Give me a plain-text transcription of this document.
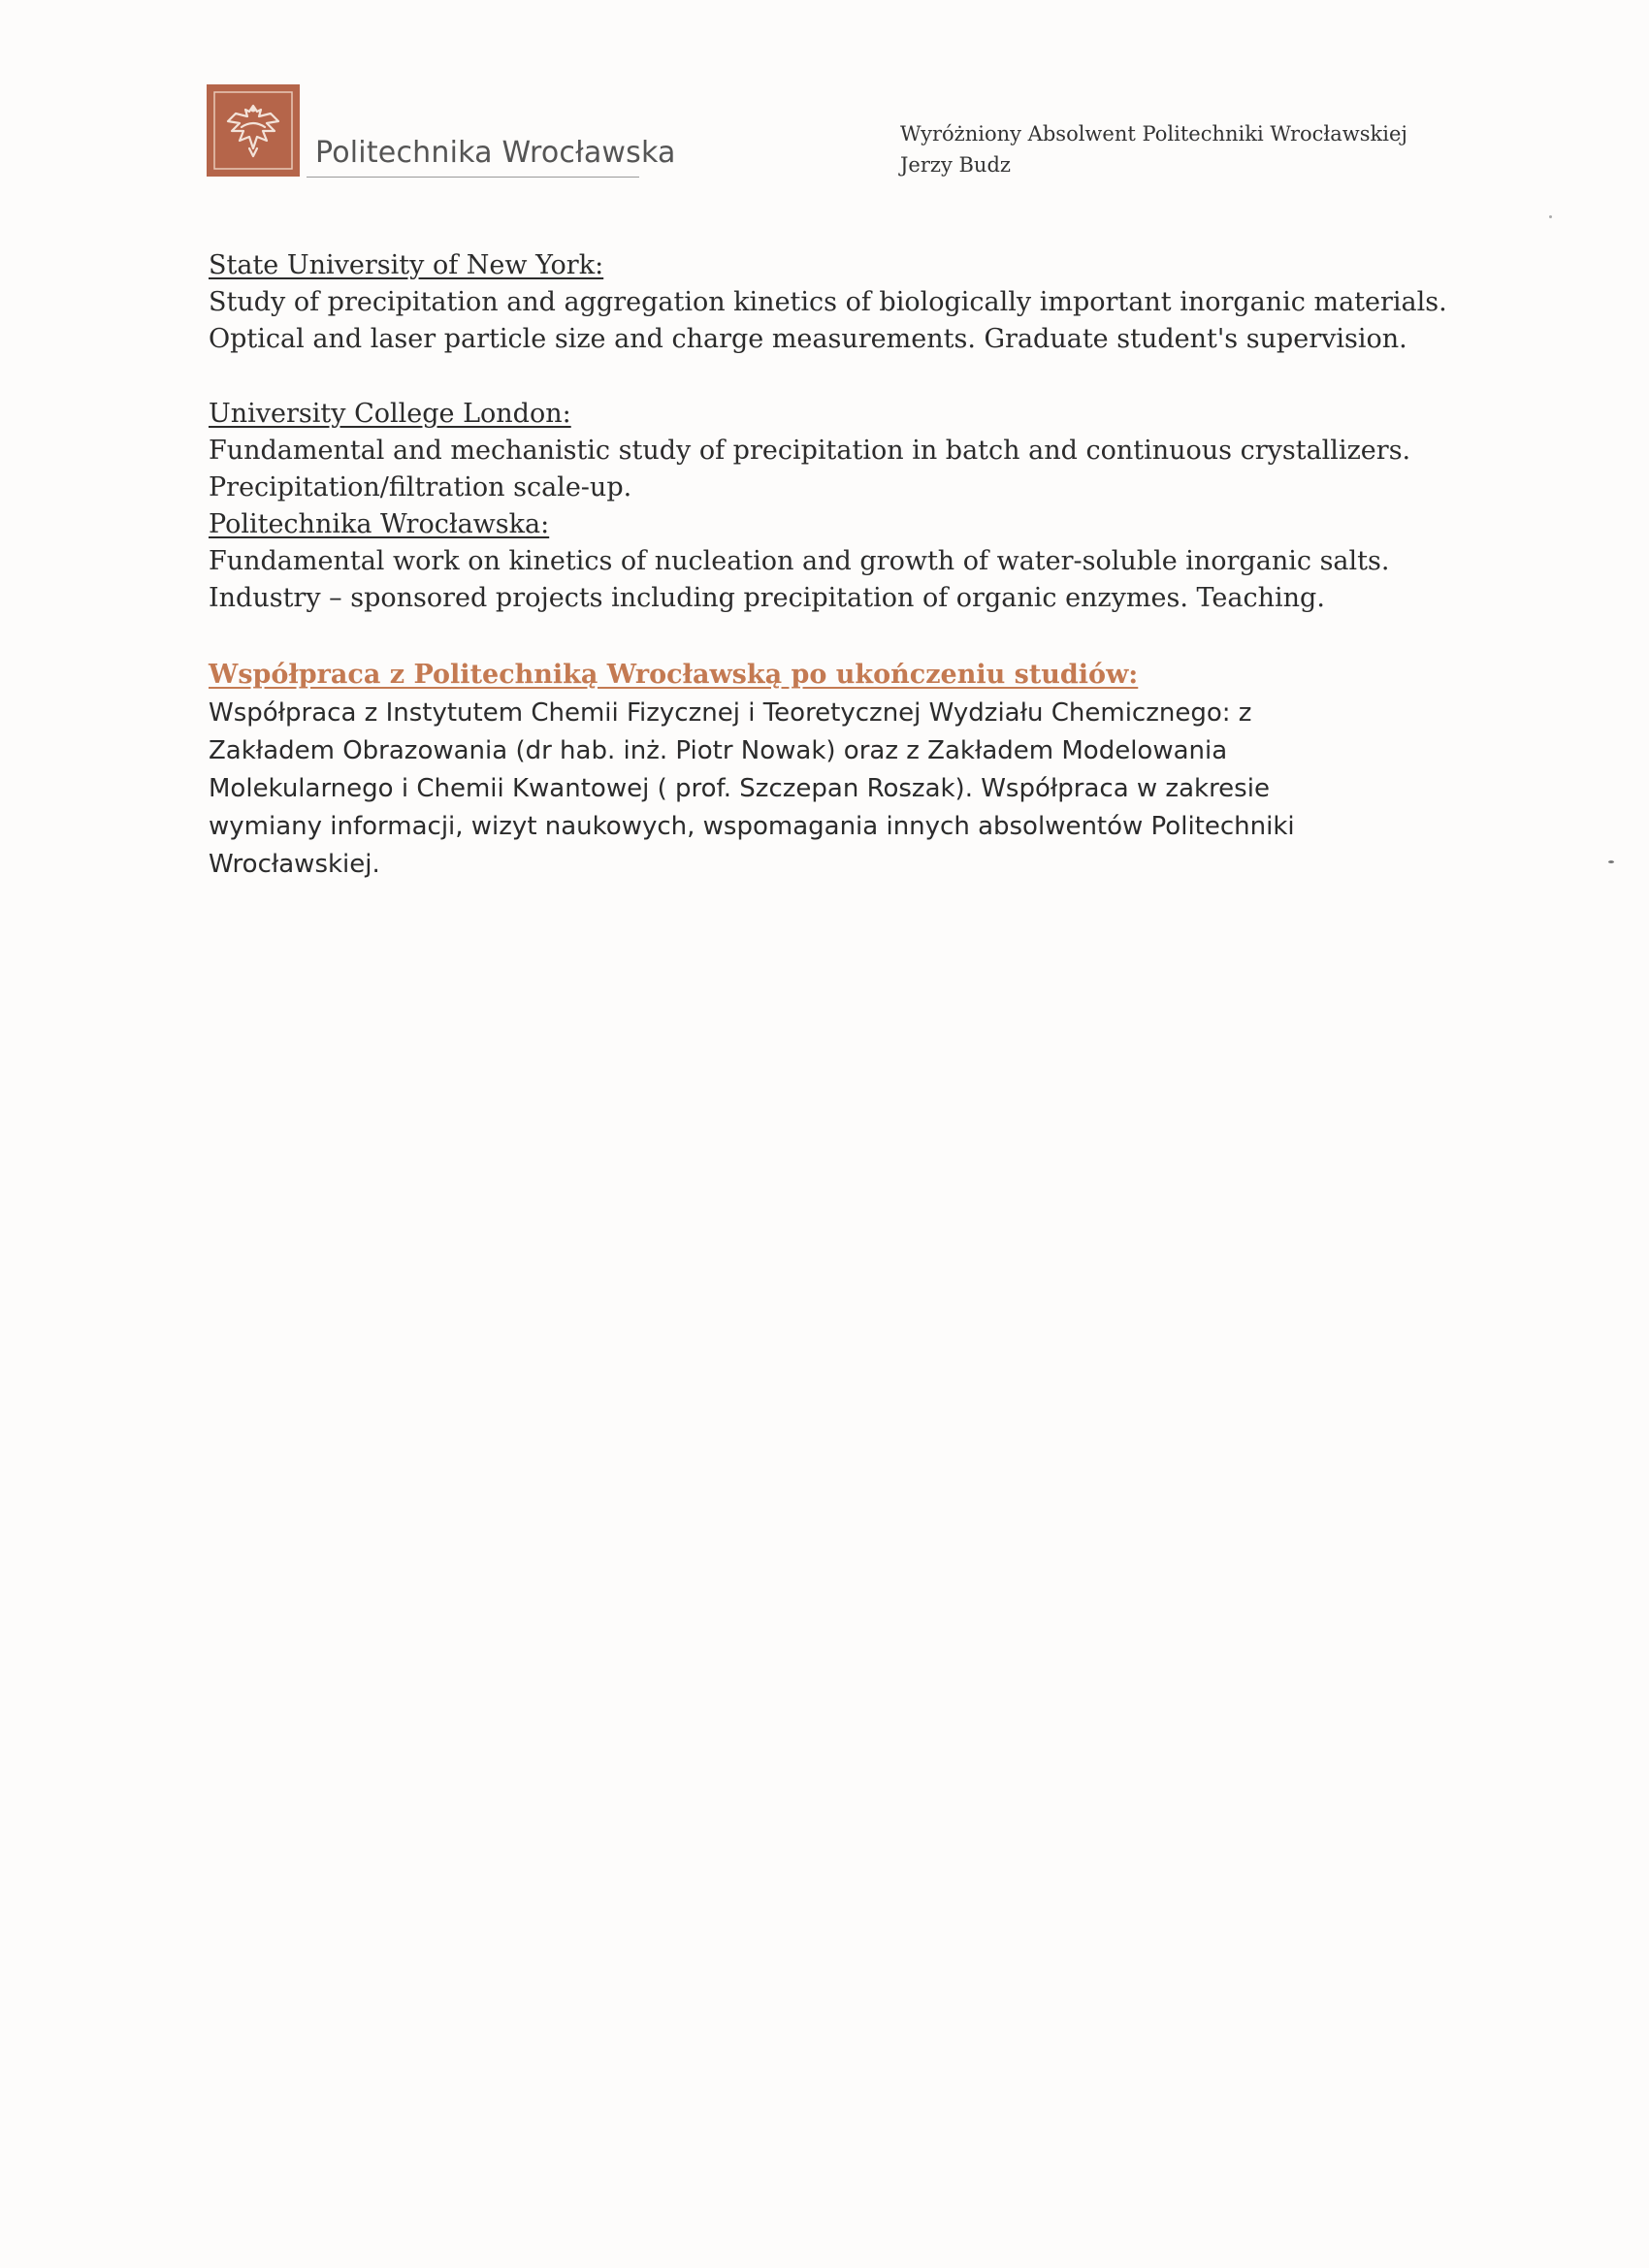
Politechnika Wrocławska
Wyróżniony Absolwent Politechniki Wrocławskiej
Jerzy Budz
State University of New York:
Study of precipitation and aggregation kinetics of biologically important inorganic materials.
Optical and laser particle size and charge measurements. Graduate student's supervision.
University College London:
Fundamental and mechanistic study of precipitation in batch and continuous crystallizers.
Precipitation/filtration scale-up.
Politechnika Wrocławska:
Fundamental work on kinetics of nucleation and growth of water-soluble inorganic salts.
Industry – sponsored projects including precipitation of organic enzymes. Teaching.
Współpraca z Politechniką Wrocławską po ukończeniu studiów:
Współpraca z Instytutem Chemii Fizycznej i Teoretycznej Wydziału Chemicznego: z
Zakładem Obrazowania (dr hab. inż. Piotr Nowak) oraz z Zakładem Modelowania
Molekularnego i Chemii Kwantowej ( prof. Szczepan Roszak). Współpraca w zakresie
wymiany informacji, wizyt naukowych, wspomagania innych absolwentów Politechniki
Wrocławskiej.
